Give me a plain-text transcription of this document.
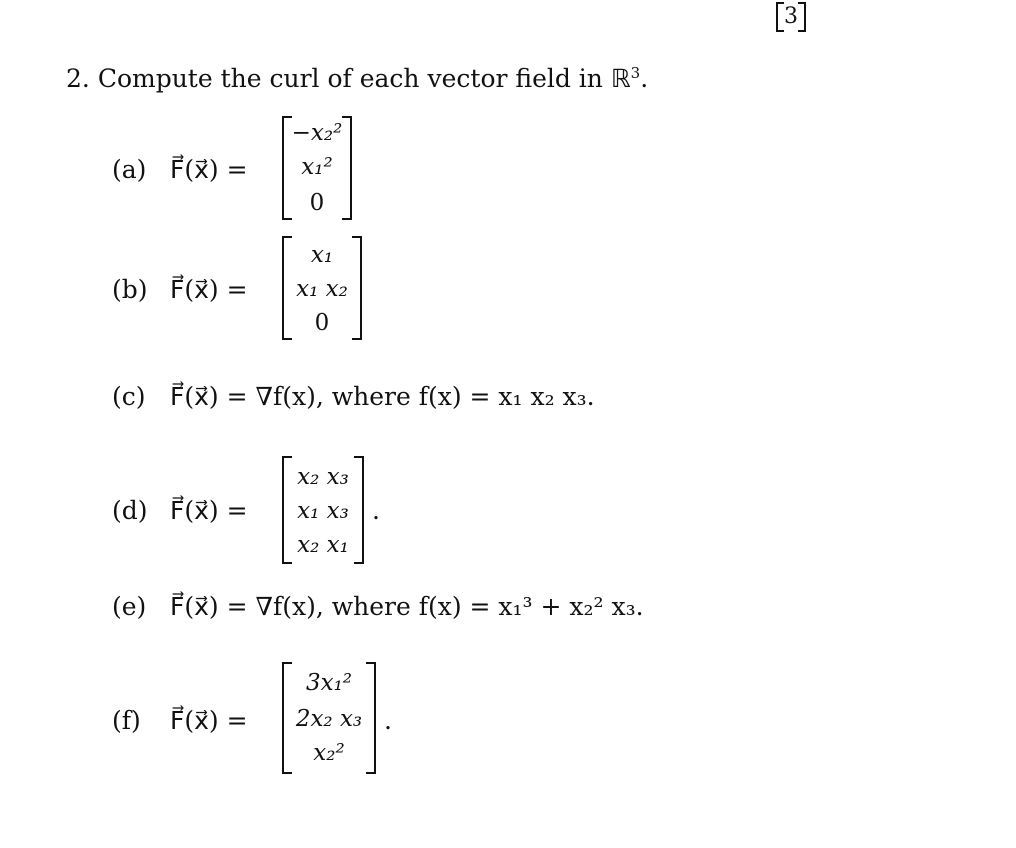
3
2. Compute the curl of each vector field in ℝ$^3$.
(a) F⃗(x⃗) =
−x₂²
x₁²
0
(b) F⃗(x⃗) =
x₁
x₁ x₂
0
(c) F⃗(x⃗) = ∇f(x), where f(x) = x₁ x₂ x₃.
(d) F⃗(x⃗) =
x₂ x₃
x₁ x₃
x₂ x₁
.
(e) F⃗(x⃗) = ∇f(x), where f(x) = x₁³ + x₂² x₃.
(f) F⃗(x⃗) =
3x₁²
2x₂ x₃
x₂²
.
